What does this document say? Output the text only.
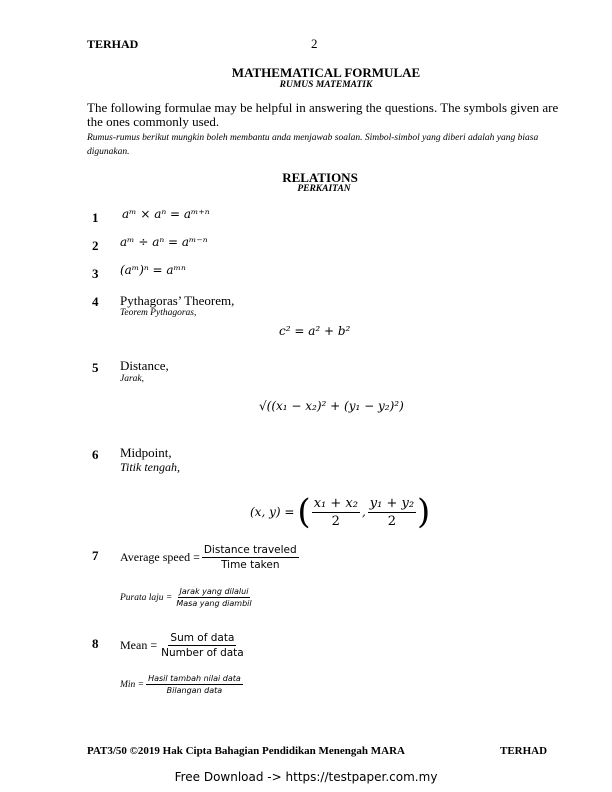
TERHAD	2
MATHEMATICAL FORMULAE
RUMUS MATEMATIK
The following formulae may be helpful in answering the questions. The symbols given are the ones commonly used.
Rumus-rumus berikut mungkin boleh membantu anda menjawab soalan. Simbol-simbol yang diberi adalah yang biasa digunakan.
RELATIONS
PERKAITAN
1 aᵐ × aⁿ = aᵐ⁺ⁿ
2 aᵐ ÷ aⁿ = aᵐ⁻ⁿ
3 (aᵐ)ⁿ = aᵐⁿ
4 Pythagoras’ Theorem,
Teorem Pythagoras,
c² = a² + b²
5 Distance,
Jarak,
√((x₁ − x₂)² + (y₁ − y₂)²)
6 Midpoint,
Titik tengah,
(x, y) = ( $\frac{\text{x₁ + x₂}}{2}$ , $\frac{\text{y₁ + y₂}}{2}$ )
7 Average speed = $\frac{\text{Distance traveled}}{\text{Time taken}}$
Purata laju = $\frac{\text{Jarak yang dilalui}}{\text{Masa yang diambil}}$
8 Mean = $\frac{\text{Sum of data}}{\text{Number of data}}$
Min = $\frac{\text{Hasil tambah nilai data}}{\text{Bilangan data}}$
PAT3/50 ©2019 Hak Cipta Bahagian Pendidikan Menengah MARA	TERHAD
Free Download -> https://testpaper.com.my
